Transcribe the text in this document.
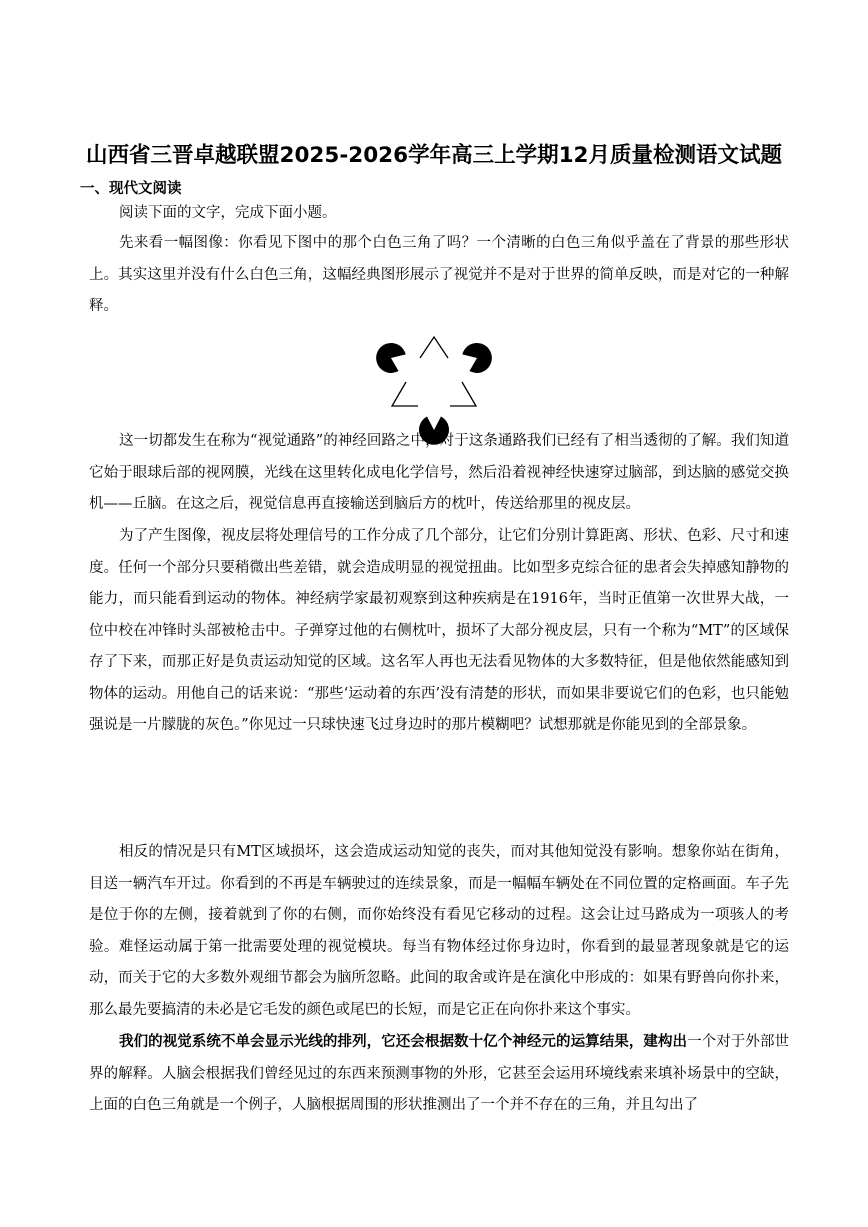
山西省三晋卓越联盟2025-2026学年高三上学期12月质量检测语文试题
一、现代文阅读

阅读下面的文字，完成下面小题。

先来看一幅图像：你看见下图中的那个白色三角了吗？一个清晰的白色三角似乎盖在了背景的那些形状上。其实这里并没有什么白色三角，这幅经典图形展示了视觉并不是对于世界的简单反映，而是对它的一种解释。

这一切都发生在称为“视觉通路”的神经回路之中，对于这条通路我们已经有了相当透彻的了解。我们知道它始于眼球后部的视网膜，光线在这里转化成电化学信号，然后沿着视神经快速穿过脑部，到达脑的感觉交换机——丘脑。在这之后，视觉信息再直接输送到脑后方的枕叶，传送给那里的视皮层。

为了产生图像，视皮层将处理信号的工作分成了几个部分，让它们分别计算距离、形状、色彩、尺寸和速度。任何一个部分只要稍微出些差错，就会造成明显的视觉扭曲。比如型多克综合征的患者会失掉感知静物的能力，而只能看到运动的物体。神经病学家最初观察到这种疾病是在1916年，当时正值第一次世界大战，一位中校在冲锋时头部被枪击中。子弹穿过他的右侧枕叶，损坏了大部分视皮层，只有一个称为“MT”的区域保存了下来，而那正好是负责运动知觉的区域。这名军人再也无法看见物体的大多数特征，但是他依然能感知到物体的运动。用他自己的话来说：“那些‘运动着的东西’没有清楚的形状，而如果非要说它们的色彩，也只能勉强说是一片朦胧的灰色。”你见过一只球快速飞过身边时的那片模糊吧？试想那就是你能见到的全部景象。

相反的情况是只有MT区域损坏，这会造成运动知觉的丧失，而对其他知觉没有影响。想象你站在街角，目送一辆汽车开过。你看到的不再是车辆驶过的连续景象，而是一幅幅车辆处在不同位置的定格画面。车子先是位于你的左侧，接着就到了你的右侧，而你始终没有看见它移动的过程。这会让过马路成为一项骇人的考验。难怪运动属于第一批需要处理的视觉模块。每当有物体经过你身边时，你看到的最显著现象就是它的运动，而关于它的大多数外观细节都会为脑所忽略。此间的取舍或许是在演化中形成的：如果有野兽向你扑来，那么最先要搞清的未必是它毛发的颜色或尾巴的长短，而是它正在向你扑来这个事实。

我们的视觉系统不单会显示光线的排列，它还会根据数十亿个神经元的运算结果，建构出一个对于外部世界的解释。人脑会根据我们曾经见过的东西来预测事物的外形，它甚至会运用环境线索来填补场景中的空缺，上面的白色三角就是一个例子，人脑根据周围的形状推测出了一个并不存在的三角，并且勾出了
